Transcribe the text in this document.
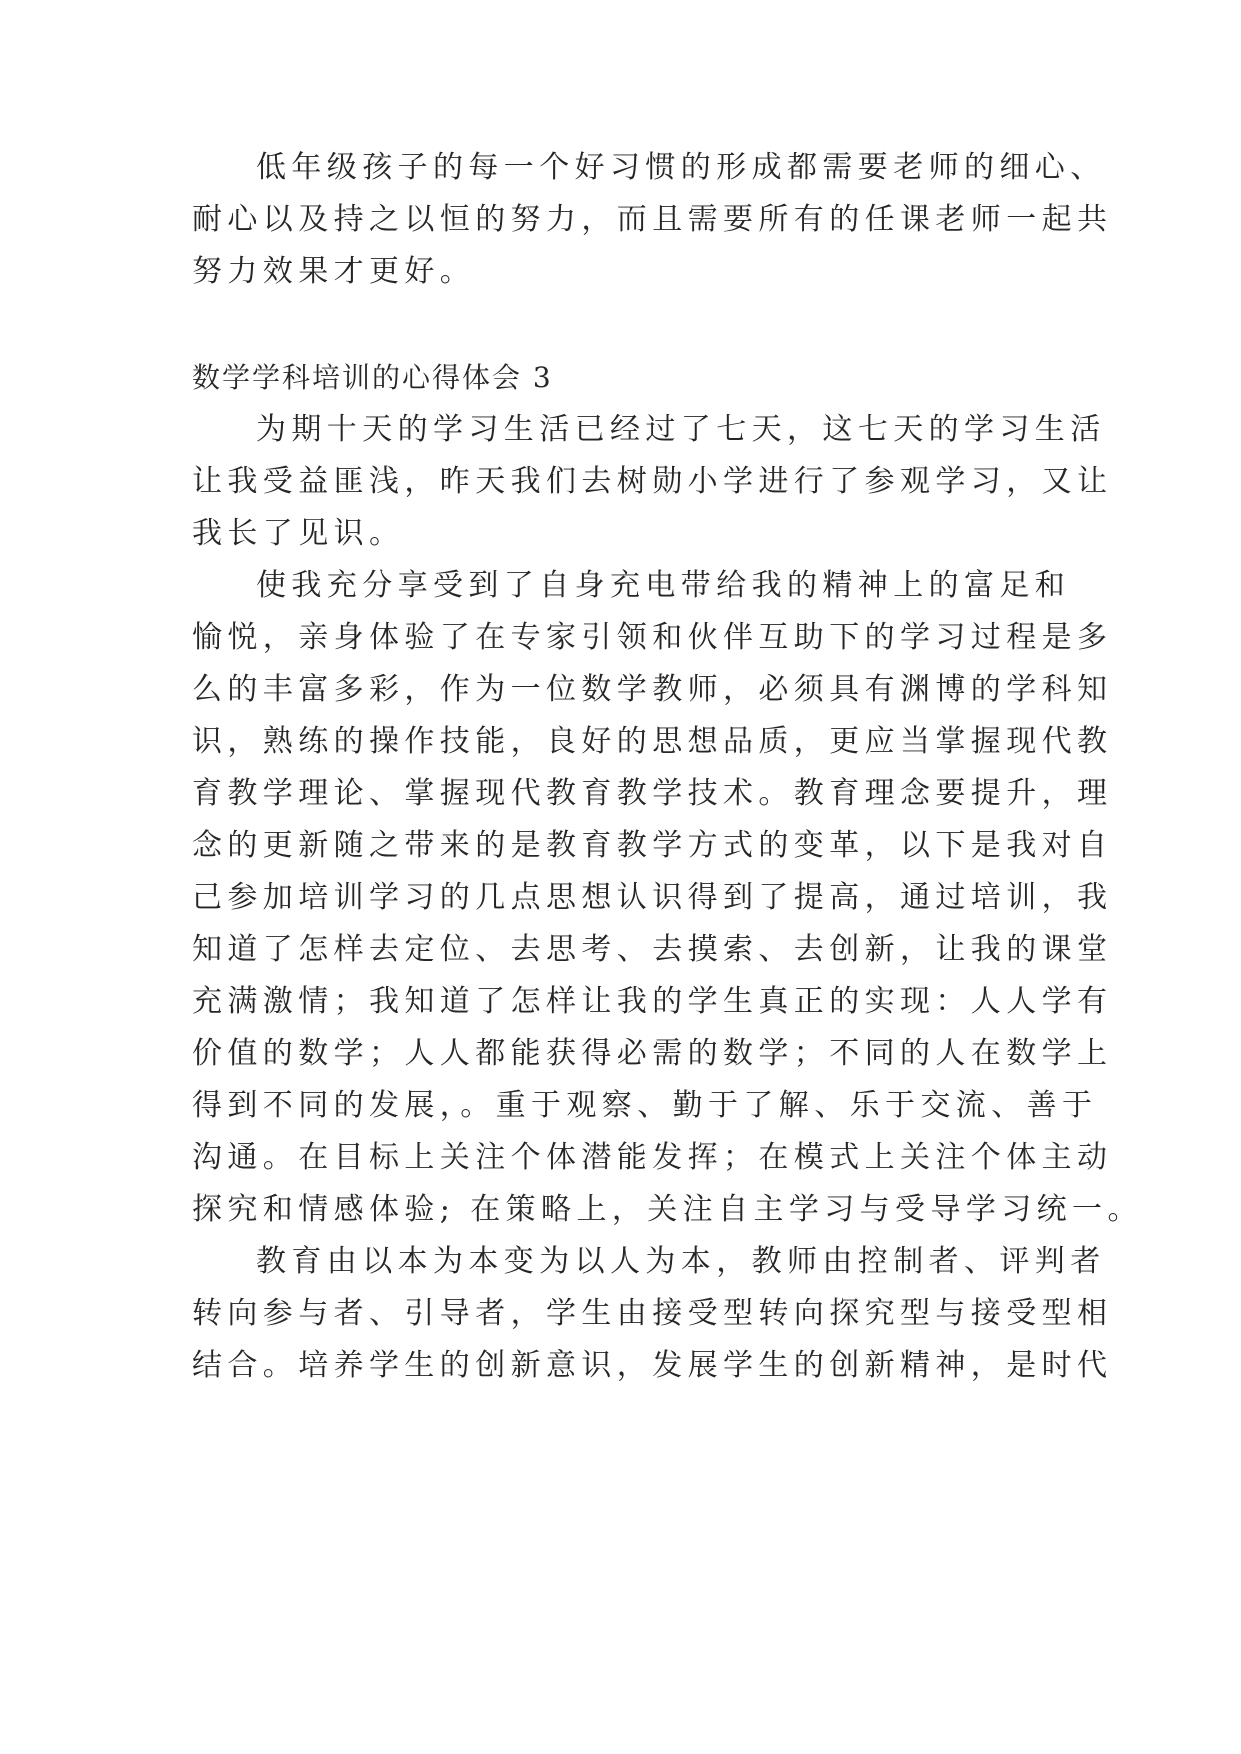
低年级孩子的每一个好习惯的形成都需要老师的细心、
耐心以及持之以恒的努力，而且需要所有的任课老师一起共
努力效果才更好。
数学学科培训的心得体会 3
为期十天的学习生活已经过了七天，这七天的学习生活
让我受益匪浅，昨天我们去树勋小学进行了参观学习，又让
我长了见识。
使我充分享受到了自身充电带给我的精神上的富足和
愉悦，亲身体验了在专家引领和伙伴互助下的学习过程是多
么的丰富多彩，作为一位数学教师，必须具有渊博的学科知
识，熟练的操作技能，良好的思想品质，更应当掌握现代教
育教学理论、掌握现代教育教学技术。教育理念要提升，理
念的更新随之带来的是教育教学方式的变革，以下是我对自
己参加培训学习的几点思想认识得到了提高，通过培训，我
知道了怎样去定位、去思考、去摸索、去创新，让我的课堂
充满激情；我知道了怎样让我的学生真正的实现：人人学有
价值的数学；人人都能获得必需的数学；不同的人在数学上
得到不同的发展，。重于观察、勤于了解、乐于交流、善于
沟通。在目标上关注个体潜能发挥；在模式上关注个体主动
探究和情感体验; 在策略上，关注自主学习与受导学习统一。
教育由以本为本变为以人为本，教师由控制者、评判者
转向参与者、引导者，学生由接受型转向探究型与接受型相
结合。培养学生的创新意识，发展学生的创新精神，是时代
